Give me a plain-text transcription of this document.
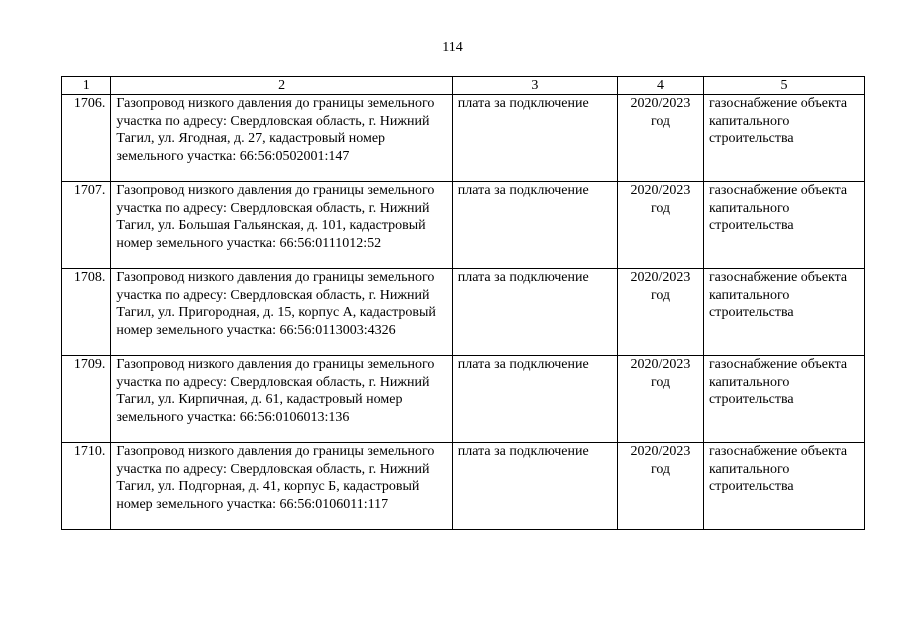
114
1	2	3	4	5
1706.	Газопровод низкого давления до границы земельного участка по адресу: Свердловская область, г. Нижний Тагил, ул. Ягодная, д. 27, кадастровый номер земельного участка: 66:56:0502001:147	плата за подключение	2020/2023 год	газоснабжение объекта капитального строительства
1707.	Газопровод низкого давления до границы земельного участка по адресу: Свердловская область, г. Нижний Тагил, ул. Большая Гальянская, д. 101, кадастровый номер земельного участка: 66:56:0111012:52	плата за подключение	2020/2023 год	газоснабжение объекта капитального строительства
1708.	Газопровод низкого давления до границы земельного участка по адресу: Свердловская область, г. Нижний Тагил, ул. Пригородная, д. 15, корпус А, кадастровый номер земельного участка: 66:56:0113003:4326	плата за подключение	2020/2023 год	газоснабжение объекта капитального строительства
1709.	Газопровод низкого давления до границы земельного участка по адресу: Свердловская область, г. Нижний Тагил, ул. Кирпичная, д. 61, кадастровый номер земельного участка: 66:56:0106013:136	плата за подключение	2020/2023 год	газоснабжение объекта капитального строительства
1710.	Газопровод низкого давления до границы земельного участка по адресу: Свердловская область, г. Нижний Тагил, ул. Подгорная, д. 41, корпус Б, кадастровый номер земельного участка: 66:56:0106011:117	плата за подключение	2020/2023 год	газоснабжение объекта капитального строительства
